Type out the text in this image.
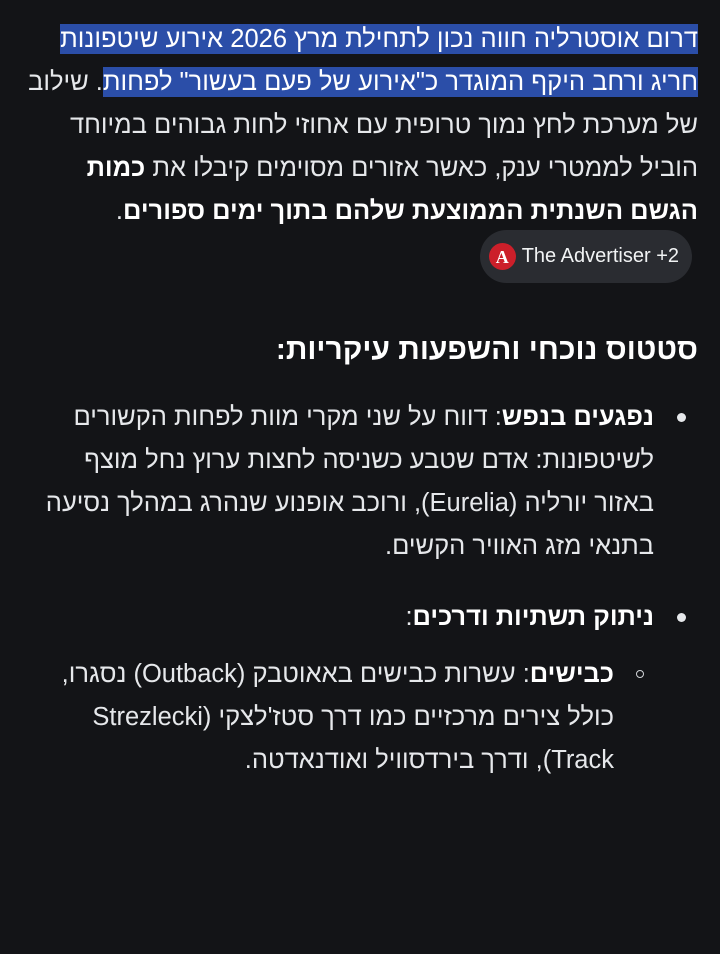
דרום אוסטרליה חווה נכון לתחילת מרץ 2026 אירוע שיטפונות חריג ורחב היקף המוגדר כ"אירוע של פעם בעשור" לפחות. שילוב של מערכת לחץ נמוך טרופית עם אחוזי לחות גבוהים במיוחד הוביל לממטרי ענק, כאשר אזורים מסוימים קיבלו את כמות הגשם השנתית הממוצעת שלהם בתוך ימים ספורים.
A The Advertiser +2

סטטוס נוכחי והשפעות עיקריות:
נפגעים בנפש: דווח על שני מקרי מוות לפחות הקשורים לשיטפונות: אדם שטבע כשניסה לחצות ערוץ נחל מוצף באזור יורליה (Eurelia), ורוכב אופנוע שנהרג במהלך נסיעה בתנאי מזג האוויר הקשים.
ניתוק תשתיות ודרכים:
כבישים: עשרות כבישים באאוטבק (Outback) נסגרו, כולל צירים מרכזיים כמו דרך סטז'לצקי (Strezlecki Track), ודרך בירדסוויל ואודנאדטה.
